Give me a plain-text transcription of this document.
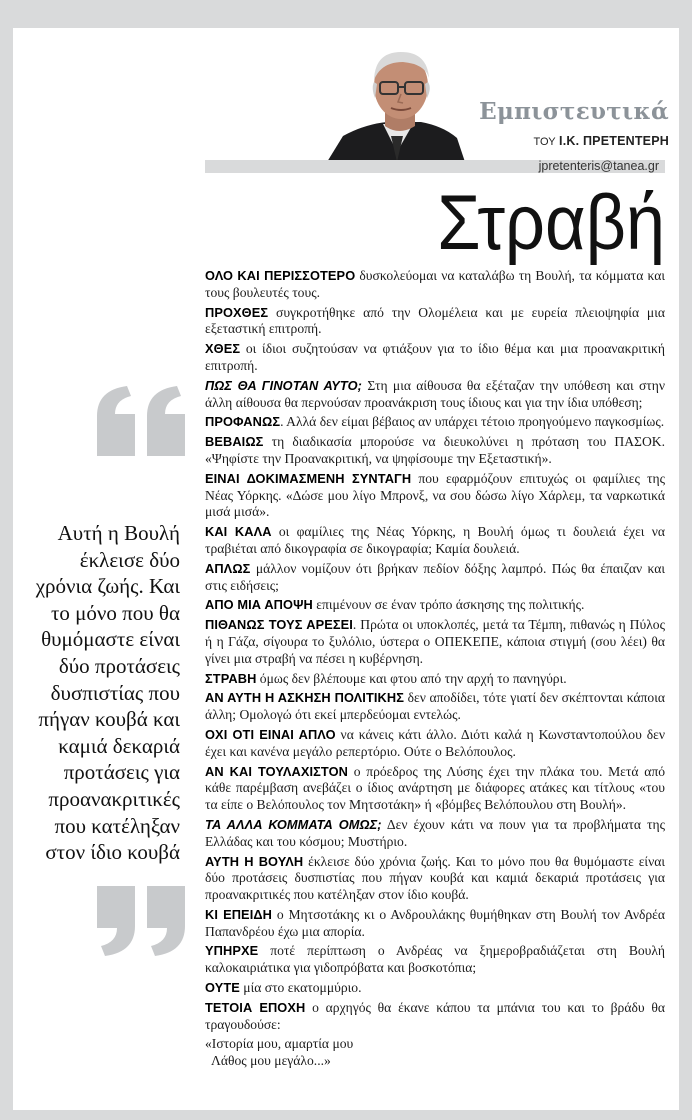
Εμπιστευτικά
ΤΟΥ Ι.Κ. ΠΡΕΤΕΝΤΕΡΗ
jpretenteris@tanea.gr
Στραβή
Αυτή η Βουλή έκλεισε δύο χρόνια ζωής. Και το μόνο που θα θυμόμαστε είναι δύο προτάσεις δυσπιστίας που πήγαν κουβά και καμιά δεκαριά προτάσεις για προανακριτικές που κατέληξαν στον ίδιο κουβά

ΟΛΟ ΚΑΙ ΠΕΡΙΣΣΟΤΕΡΟ δυσκολεύομαι να καταλάβω τη Βουλή, τα κόμματα και τους βουλευτές τους.

ΠΡΟΧΘΕΣ συγκροτήθηκε από την Ολομέλεια και με ευρεία πλειοψηφία μια εξεταστική επιτροπή.

ΧΘΕΣ οι ίδιοι συζητούσαν να φτιάξουν για το ίδιο θέμα και μια προανακριτική επιτροπή.

ΠΩΣ ΘΑ ΓΙΝΟΤΑΝ ΑΥΤΟ; Στη μια αίθουσα θα εξέταζαν την υπόθεση και στην άλλη αίθουσα θα περνούσαν προανάκριση τους ίδιους και για την ίδια υπόθεση;

ΠΡΟΦΑΝΩΣ. Αλλά δεν είμαι βέβαιος αν υπάρχει τέτοιο προηγούμενο παγκοσμίως.

ΒΕΒΑΙΩΣ τη διαδικασία μπορούσε να διευκολύνει η πρόταση του ΠΑΣΟΚ. «Ψηφίστε την Προανακριτική, να ψηφίσουμε την Εξεταστική».

ΕΙΝΑΙ ΔΟΚΙΜΑΣΜΕΝΗ ΣΥΝΤΑΓΗ που εφαρμόζουν επιτυχώς οι φαμίλιες της Νέας Υόρκης. «Δώσε μου λίγο Μπρονξ, να σου δώσω λίγο Χάρλεμ, τα ναρκωτικά μισά μισά».

ΚΑΙ ΚΑΛΑ οι φαμίλιες της Νέας Υόρκης, η Βουλή όμως τι δουλειά έχει να τραβιέται από δικογραφία σε δικογραφία; Καμία δουλειά.

ΑΠΛΩΣ μάλλον νομίζουν ότι βρήκαν πεδίον δόξης λαμπρό. Πώς θα έπαιζαν και στις ειδήσεις;

ΑΠΟ ΜΙΑ ΑΠΟΨΗ επιμένουν σε έναν τρόπο άσκησης της πολιτικής.

ΠΙΘΑΝΩΣ ΤΟΥΣ ΑΡΕΣΕΙ. Πρώτα οι υποκλοπές, μετά τα Τέμπη, πιθανώς η Πύλος ή η Γάζα, σίγουρα το ξυλόλιο, ύστερα ο ΟΠΕΚΕΠΕ, κάποια στιγμή (σου λέει) θα γίνει μια στραβή να πέσει η κυβέρνηση.

ΣΤΡΑΒΗ όμως δεν βλέπουμε και φτου από την αρχή το πανηγύρι.

ΑΝ ΑΥΤΗ Η ΑΣΚΗΣΗ ΠΟΛΙΤΙΚΗΣ δεν αποδίδει, τότε γιατί δεν σκέπτονται κάποια άλλη; Ομολογώ ότι εκεί μπερδεύομαι εντελώς.

ΟΧΙ ΟΤΙ ΕΙΝΑΙ ΑΠΛΟ να κάνεις κάτι άλλο. Διότι καλά η Κωνσταντοπούλου δεν έχει και κανένα μεγάλο ρεπερτόριο. Ούτε ο Βελόπουλος.

ΑΝ ΚΑΙ ΤΟΥΛΑΧΙΣΤΟΝ ο πρόεδρος της Λύσης έχει την πλάκα του. Μετά από κάθε παρέμβαση ανεβάζει ο ίδιος ανάρτηση με διάφορες ατάκες και τίτλους «του τα είπε ο Βελόπουλος τον Μητσοτάκη» ή «βόμβες Βελόπουλου στη Βουλή».

ΤΑ ΑΛΛΑ ΚΟΜΜΑΤΑ ΟΜΩΣ; Δεν έχουν κάτι να πουν για τα προβλήματα της Ελλάδας και του κόσμου; Μυστήριο.

ΑΥΤΗ Η ΒΟΥΛΗ έκλεισε δύο χρόνια ζωής. Και το μόνο που θα θυμόμαστε είναι δύο προτάσεις δυσπιστίας που πήγαν κουβά και καμιά δεκαριά προτάσεις για προανακριτικές που κατέληξαν στον ίδιο κουβά.

ΚΙ ΕΠΕΙΔΗ ο Μητσοτάκης κι ο Ανδρουλάκης θυμήθηκαν στη Βουλή τον Ανδρέα Παπανδρέου έχω μια απορία.

ΥΠΗΡΧΕ ποτέ περίπτωση ο Ανδρέας να ξημεροβραδιάζεται στη Βουλή καλοκαιριάτικα για γιδοπρόβατα και βοσκοτόπια;

ΟΥΤΕ μία στο εκατομμύριο.

ΤΕΤΟΙΑ ΕΠΟΧΗ ο αρχηγός θα έκανε κάπου τα μπάνια του και το βράδυ θα τραγουδούσε:

«Ιστορία μου, αμαρτία μου
Λάθος μου μεγάλο...»
